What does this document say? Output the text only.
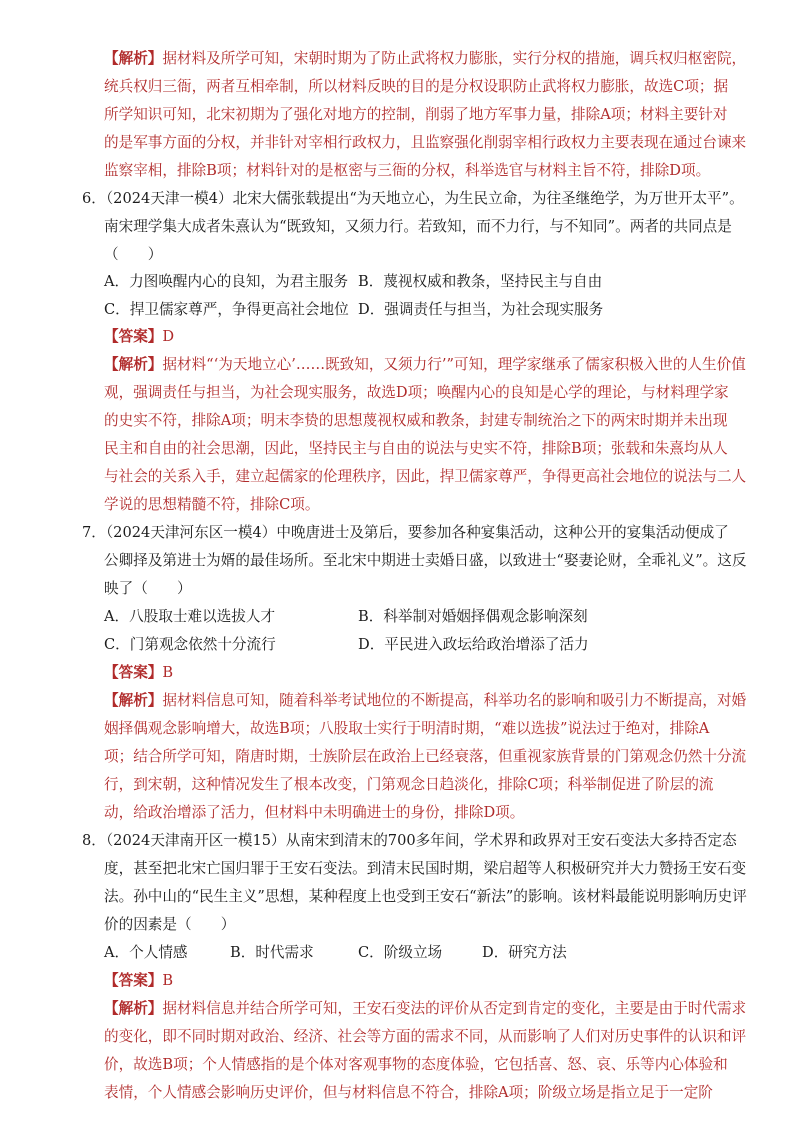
【解析】据材料及所学可知，宋朝时期为了防止武将权力膨胀，实行分权的措施，调兵权归枢密院，
统兵权归三衙，两者互相牵制，所以材料反映的目的是分权设职防止武将权力膨胀，故选C项；据
所学知识可知，北宋初期为了强化对地方的控制，削弱了地方军事力量，排除A项；材料主要针对
的是军事方面的分权，并非针对宰相行政权力，且监察强化削弱宰相行政权力主要表现在通过台谏来
监察宰相，排除B项；材料针对的是枢密与三衙的分权，科举选官与材料主旨不符，排除D项。
6．（2024天津一模4）北宋大儒张载提出“为天地立心，为生民立命，为往圣继绝学，为万世开太平”。
南宋理学集大成者朱熹认为“既致知，又须力行。若致知，而不力行，与不知同”。两者的共同点是
（　　）
A．力图唤醒内心的良知，为君主服务 B．蔑视权威和教条，坚持民主与自由
C．捍卫儒家尊严，争得更高社会地位 D．强调责任与担当，为社会现实服务
【答案】D
【解析】据材料“‘为天地立心’……既致知，又须力行’”可知，理学家继承了儒家积极入世的人生价值
观，强调责任与担当，为社会现实服务，故选D项；唤醒内心的良知是心学的理论，与材料理学家
的史实不符，排除A项；明末李贽的思想蔑视权威和教条，封建专制统治之下的两宋时期并未出现
民主和自由的社会思潮，因此，坚持民主与自由的说法与史实不符，排除B项；张载和朱熹均从人
与社会的关系入手，建立起儒家的伦理秩序，因此，捍卫儒家尊严，争得更高社会地位的说法与二人
学说的思想精髓不符，排除C项。
7．（2024天津河东区一模4）中晚唐进士及第后，要参加各种宴集活动，这种公开的宴集活动便成了
公卿择及第进士为婿的最佳场所。至北宋中期进士卖婚日盛，以致进士“娶妻论财，全乖礼义”。这反
映了（　　）
A．八股取士难以选拔人才	B．科举制对婚姻择偶观念影响深刻
C．门第观念依然十分流行	D．平民进入政坛给政治增添了活力
【答案】B
【解析】据材料信息可知，随着科举考试地位的不断提高，科举功名的影响和吸引力不断提高，对婚
姻择偶观念影响增大，故选B项；八股取士实行于明清时期，“难以选拔”说法过于绝对，排除A
项；结合所学可知，隋唐时期，士族阶层在政治上已经衰落，但重视家族背景的门第观念仍然十分流
行，到宋朝，这种情况发生了根本改变，门第观念日趋淡化，排除C项；科举制促进了阶层的流
动，给政治增添了活力，但材料中未明确进士的身份，排除D项。
8．（2024天津南开区一模15）从南宋到清末的700多年间，学术界和政界对王安石变法大多持否定态
度，甚至把北宋亡国归罪于王安石变法。到清末民国时期，梁启超等人积极研究并大力赞扬王安石变
法。孙中山的“民生主义”思想，某种程度上也受到王安石“新法”的影响。该材料最能说明影响历史评
价的因素是（　　）
A．个人情感	B．时代需求	C．阶级立场	D．研究方法
【答案】B
【解析】据材料信息并结合所学可知，王安石变法的评价从否定到肯定的变化，主要是由于时代需求
的变化，即不同时期对政治、经济、社会等方面的需求不同，从而影响了人们对历史事件的认识和评
价，故选B项；个人情感指的是个体对客观事物的态度体验，它包括喜、怒、哀、乐等内心体验和
表情，个人情感会影响历史评价，但与材料信息不符合，排除A项；阶级立场是指立足于一定阶
